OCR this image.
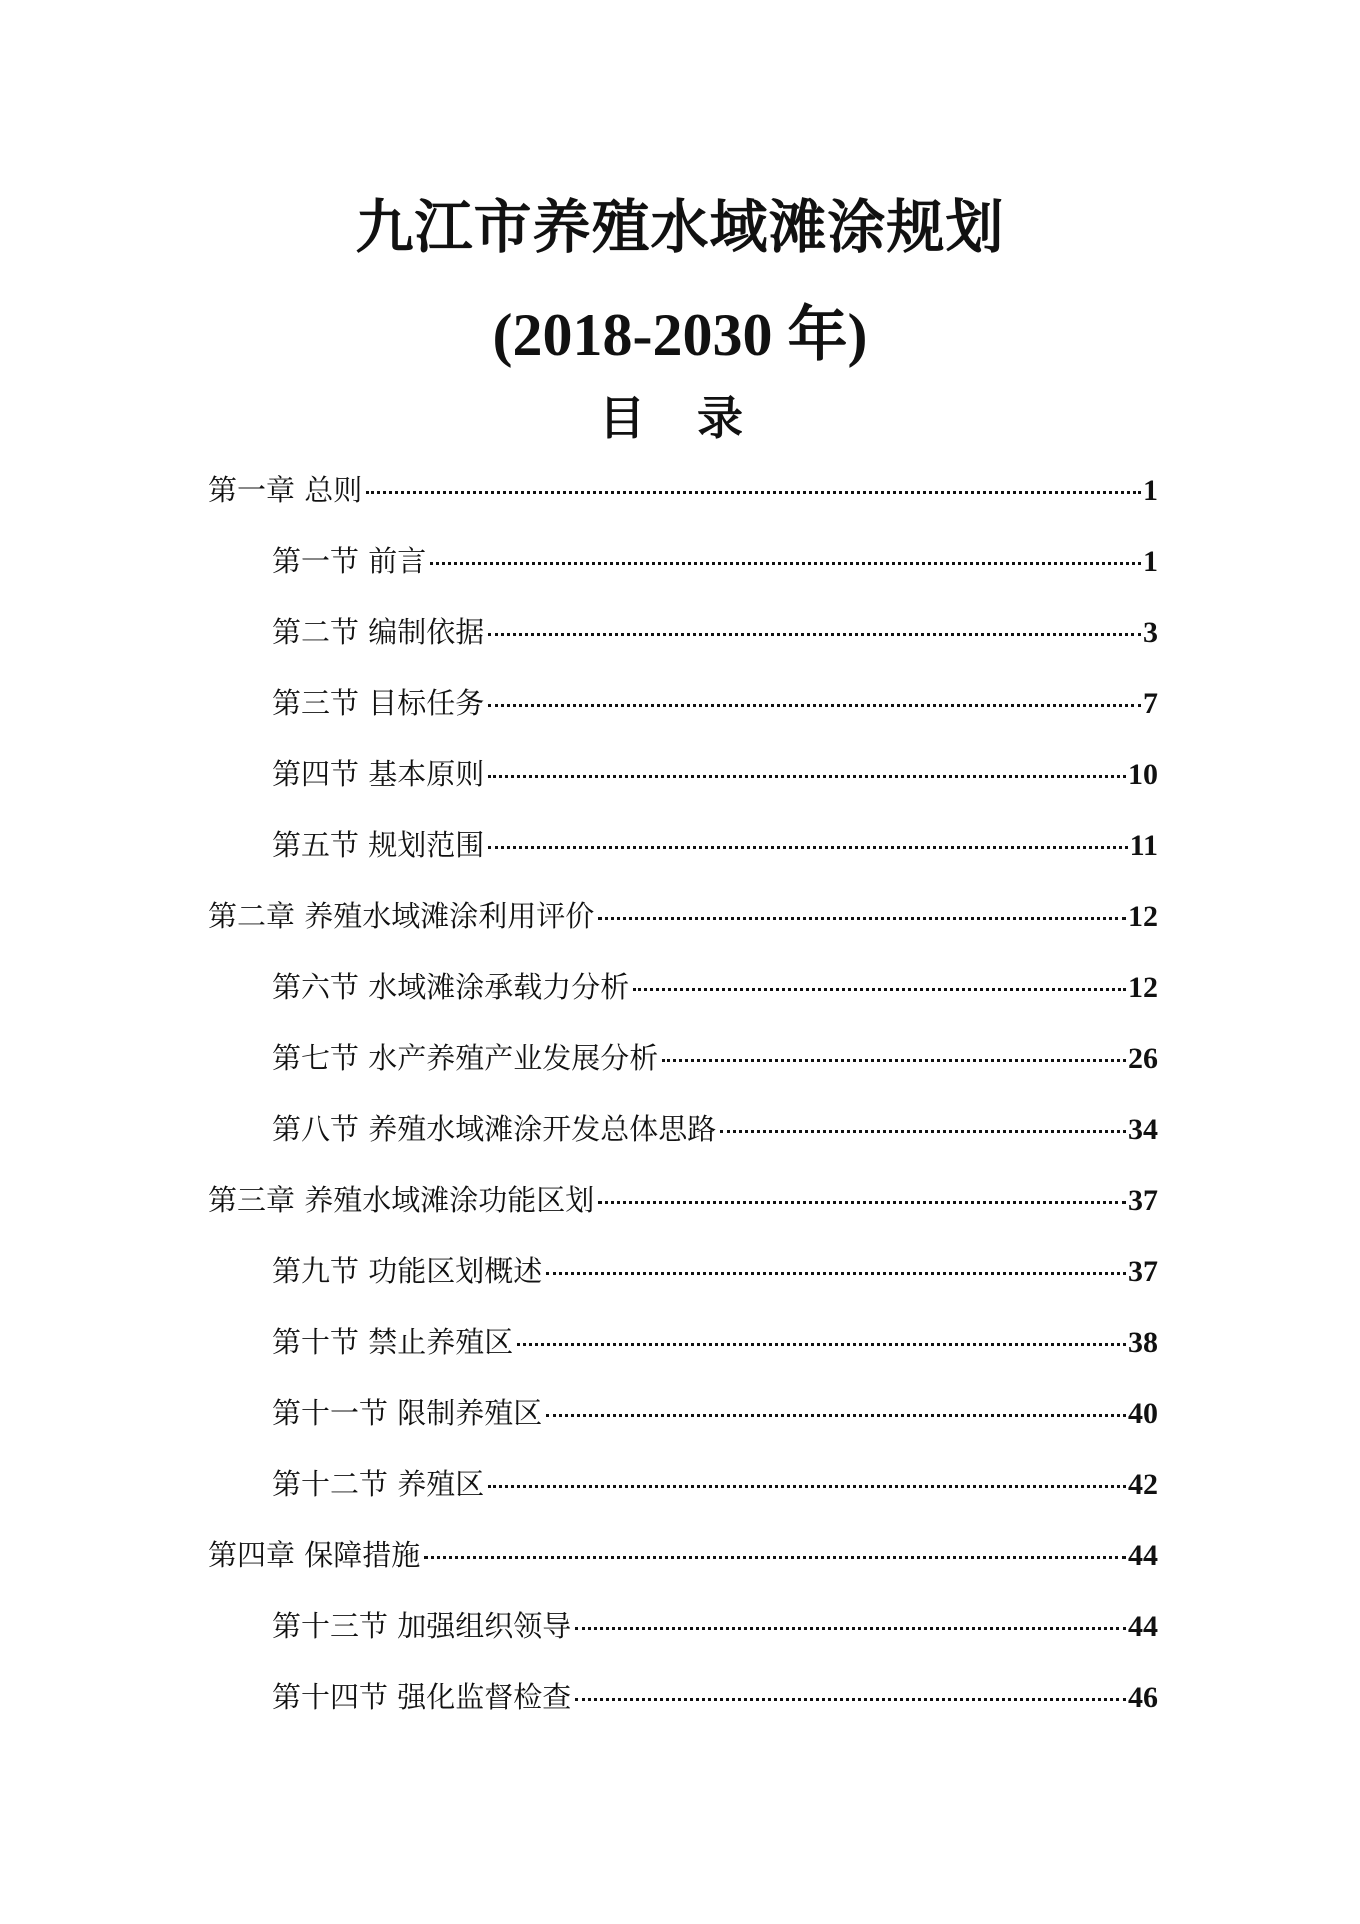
九江市养殖水域滩涂规划
(2018-2030 年)
目 录
第一章 总则	1
第一节 前言	1
第二节 编制依据	3
第三节 目标任务	7
第四节 基本原则	10
第五节 规划范围	11
第二章 养殖水域滩涂利用评价	12
第六节 水域滩涂承载力分析	12
第七节 水产养殖产业发展分析	26
第八节 养殖水域滩涂开发总体思路	34
第三章 养殖水域滩涂功能区划	37
第九节 功能区划概述	37
第十节 禁止养殖区	38
第十一节 限制养殖区	40
第十二节 养殖区	42
第四章 保障措施	44
第十三节 加强组织领导	44
第十四节 强化监督检查	46
